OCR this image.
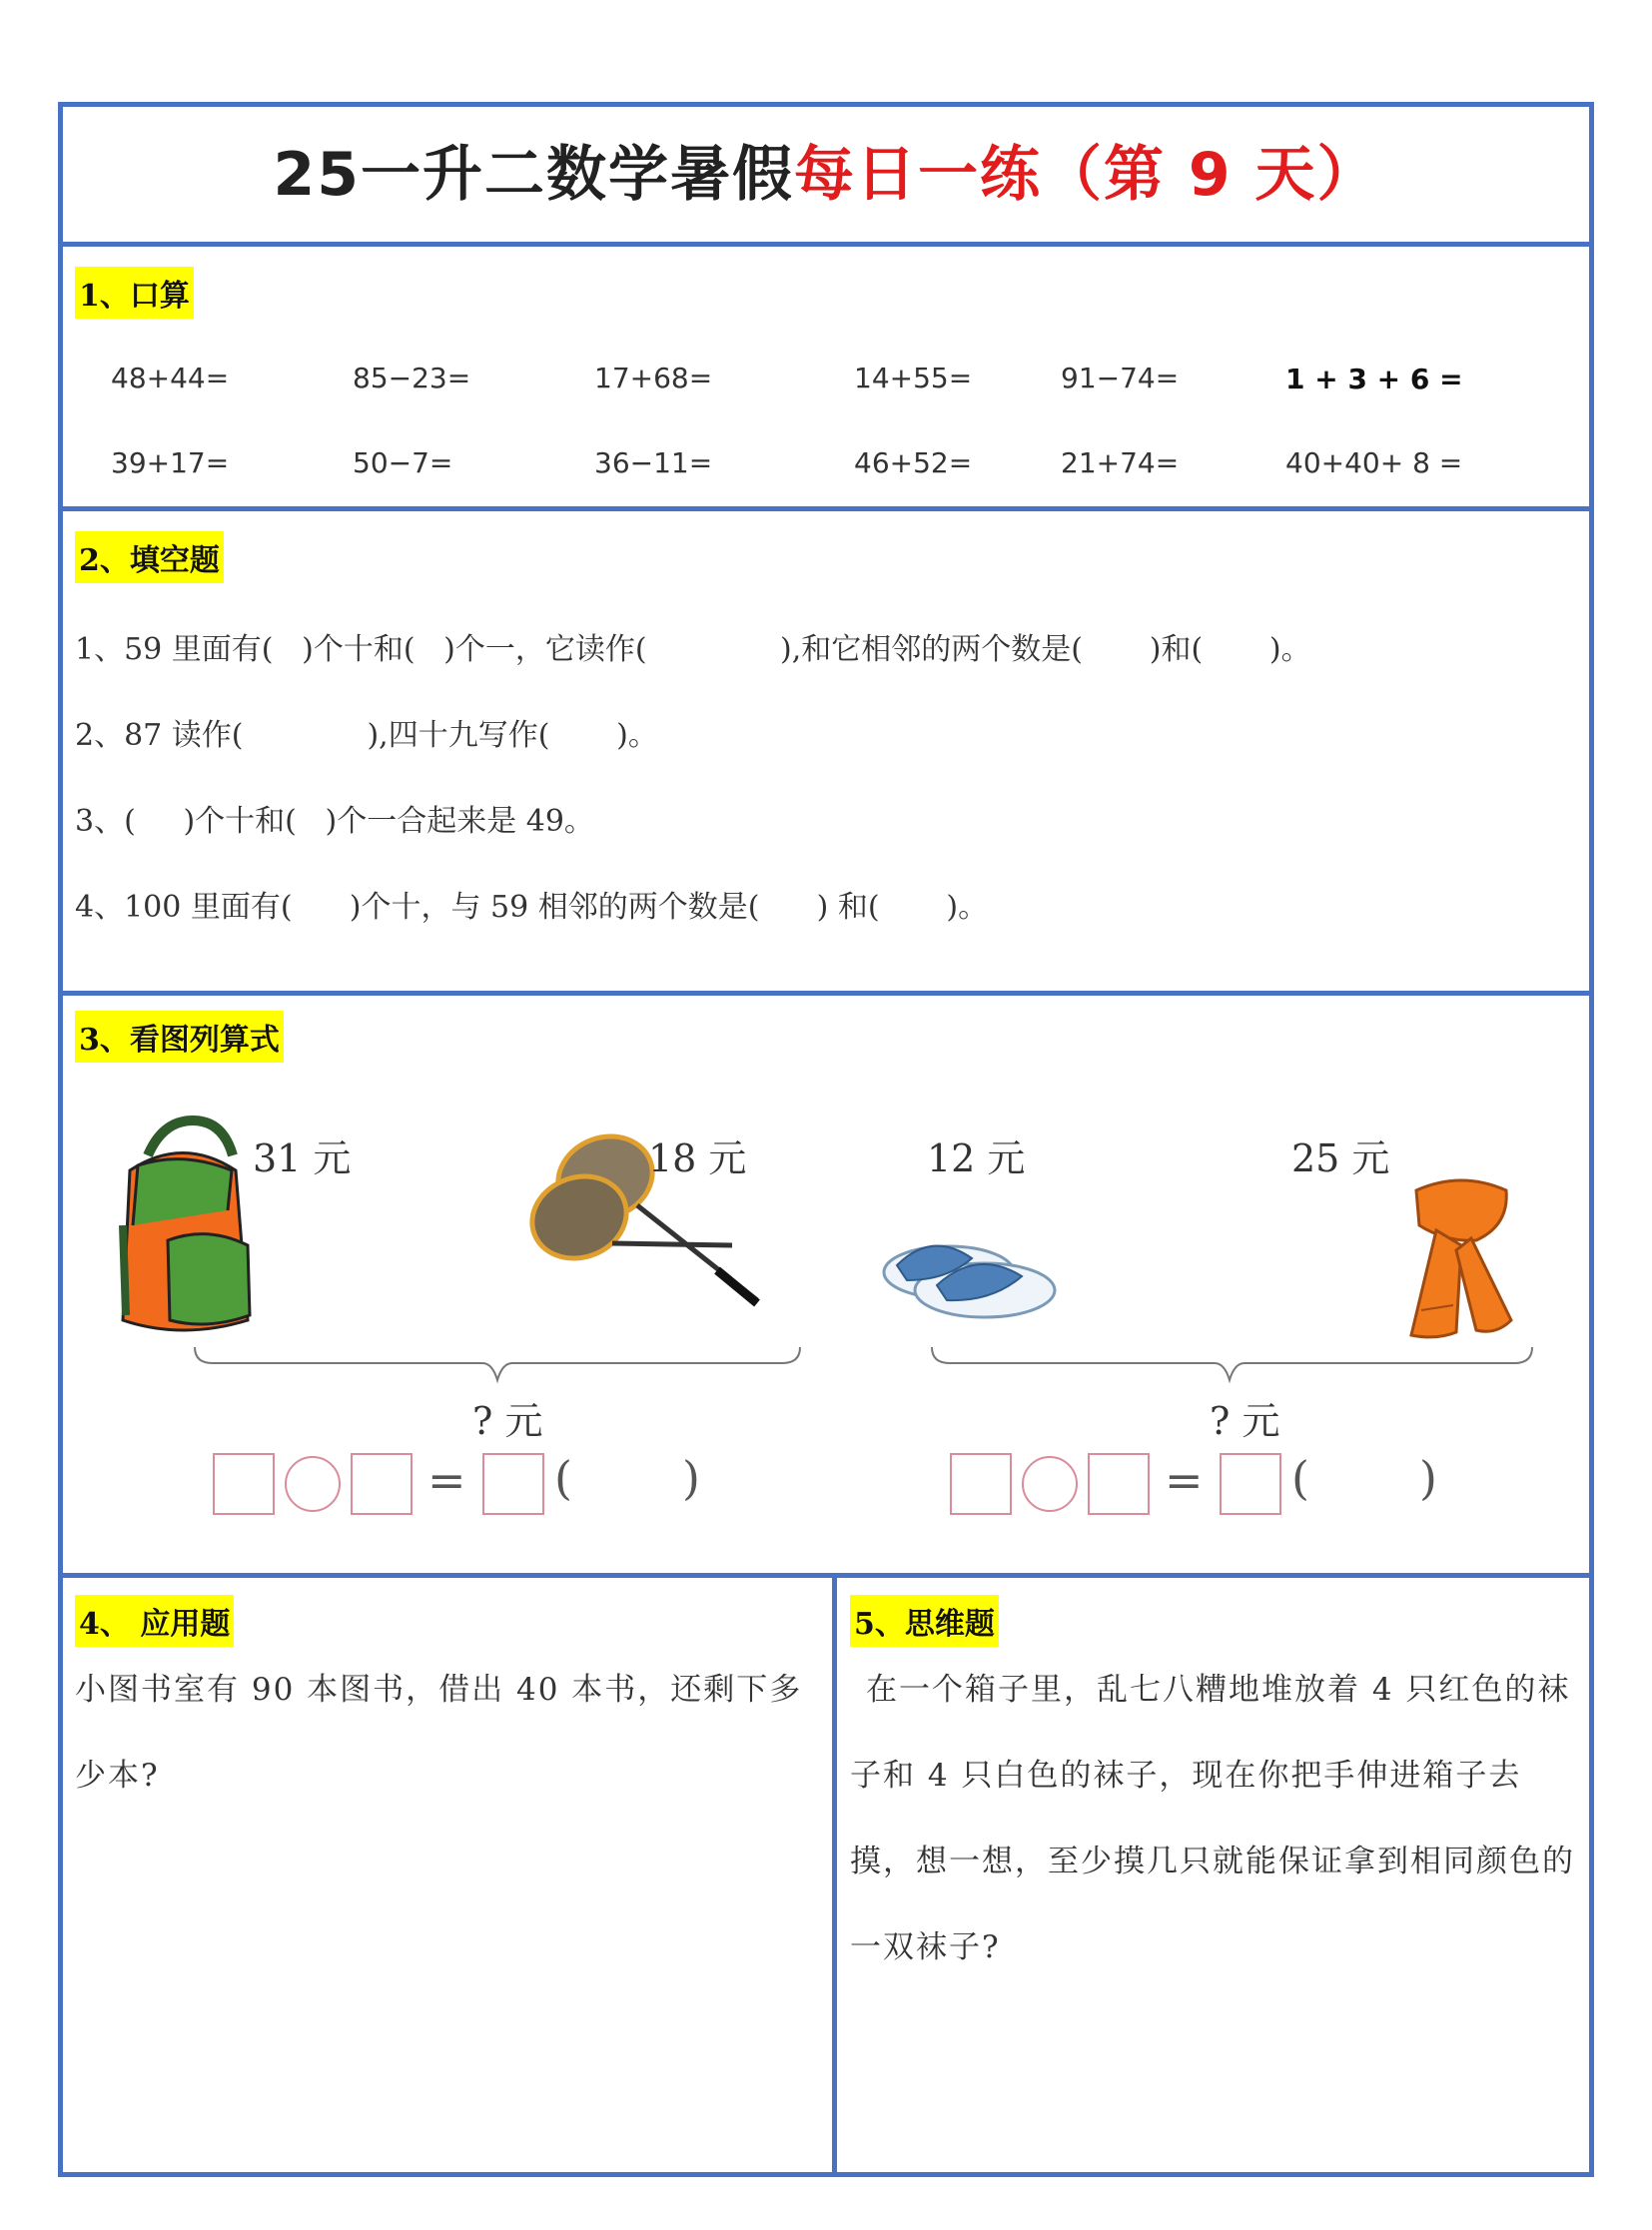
25一升二数学暑假每日一练（第 9 天）
1、口算
48+44=	85−23=	17+68=	14+55=	91−74=	1 + 3 + 6 =
39+17=	50−7=	36−11=	46+52=	21+74=	40+40+ 8 =
2、填空题
1、59 里面有(   )个十和(   )个一，它读作(              ),和它相邻的两个数是(       )和(       )。
2、87 读作(             ),四十九写作(       )。
3、(     )个十和(   )个一合起来是 49。
4、100 里面有(      )个十，与 59 相邻的两个数是(      ) 和(       )。
3、看图列算式
31 元	18 元
? 元
= ( )
12 元	25 元
? 元
= ( )
4、 应用题
小图书室有 90 本图书，借出 40 本书，还剩下多少本?
5、思维题
在一个箱子里，乱七八糟地堆放着 4 只红色的袜子和 4 只白色的袜子，现在你把手伸进箱子去摸，想一想，至少摸几只就能保证拿到相同颜色的一双袜子?
